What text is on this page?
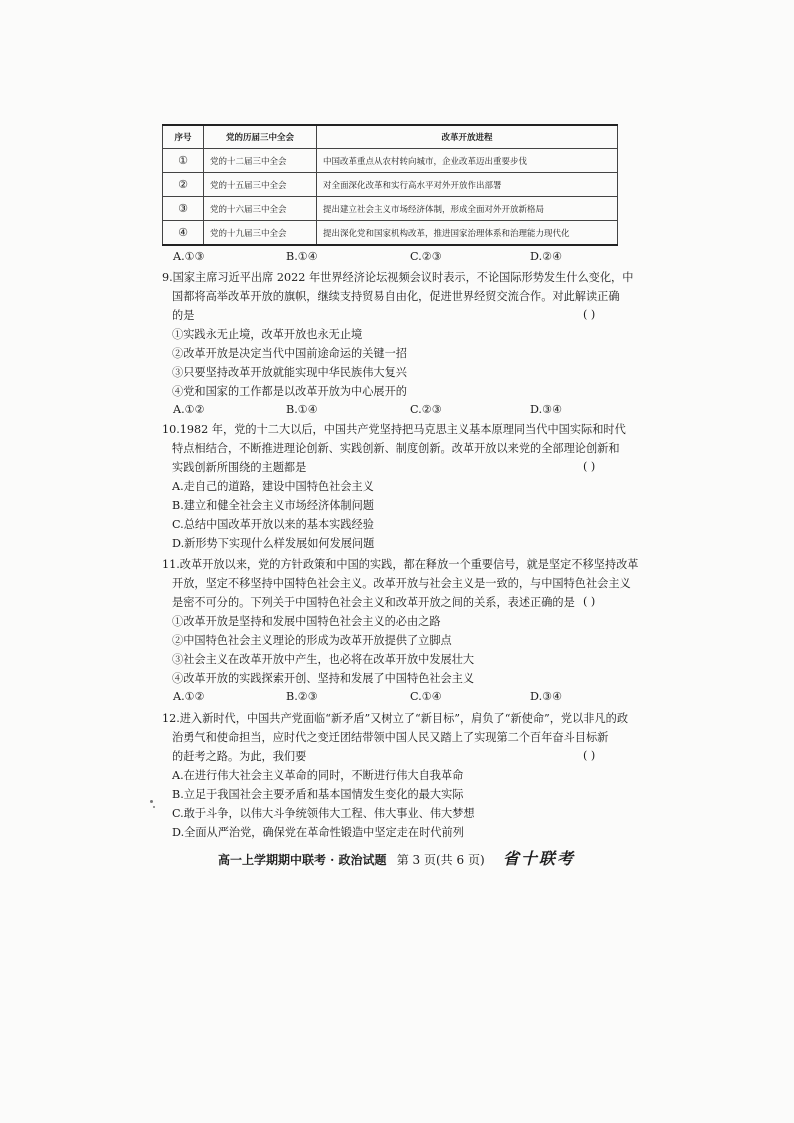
序号	党的历届三中全会	改革开放进程
①	党的十二届三中全会	中国改革重点从农村转向城市，企业改革迈出重要步伐
②	党的十五届三中全会	对全面深化改革和实行高水平对外开放作出部署
③	党的十六届三中全会	提出建立社会主义市场经济体制，形成全面对外开放新格局
④	党的十九届三中全会	提出深化党和国家机构改革，推进国家治理体系和治理能力现代化
A.①③	B.①④	C.②③	D.②④
9.国家主席习近平出席 2022 年世界经济论坛视频会议时表示，不论国际形势发生什么变化，中
国都将高举改革开放的旗帜，继续支持贸易自由化，促进世界经贸交流合作。对此解读正确
的是	( )
①实践永无止境，改革开放也永无止境
②改革开放是决定当代中国前途命运的关键一招
③只要坚持改革开放就能实现中华民族伟大复兴
④党和国家的工作都是以改革开放为中心展开的
A.①②	B.①④	C.②③	D.③④
10.1982 年，党的十二大以后，中国共产党坚持把马克思主义基本原理同当代中国实际和时代
特点相结合，不断推进理论创新、实践创新、制度创新。改革开放以来党的全部理论创新和
实践创新所围绕的主题都是	( )
A.走自己的道路，建设中国特色社会主义
B.建立和健全社会主义市场经济体制问题
C.总结中国改革开放以来的基本实践经验
D.新形势下实现什么样发展如何发展问题
11.改革开放以来，党的方针政策和中国的实践，都在释放一个重要信号，就是坚定不移坚持改革
开放，坚定不移坚持中国特色社会主义。改革开放与社会主义是一致的，与中国特色社会主义
是密不可分的。下列关于中国特色社会主义和改革开放之间的关系，表述正确的是 ( )
①改革开放是坚持和发展中国特色社会主义的必由之路
②中国特色社会主义理论的形成为改革开放提供了立脚点
③社会主义在改革开放中产生，也必将在改革开放中发展壮大
④改革开放的实践探索开创、坚持和发展了中国特色社会主义
A.①②	B.②③	C.①④	D.③④
12.进入新时代，中国共产党面临“新矛盾”又树立了“新目标”，肩负了“新使命”，党以非凡的政
治勇气和使命担当，应时代之变迁团结带领中国人民又踏上了实现第二个百年奋斗目标新
的赶考之路。为此，我们要	( )
A.在进行伟大社会主义革命的同时，不断进行伟大自我革命
B.立足于我国社会主要矛盾和基本国情发生变化的最大实际
C.敢于斗争，以伟大斗争统领伟大工程、伟大事业、伟大梦想
D.全面从严治党，确保党在革命性锻造中坚定走在时代前列
高一上学期期中联考 · 政治试题 第 3 页(共 6 页) 省十联考
